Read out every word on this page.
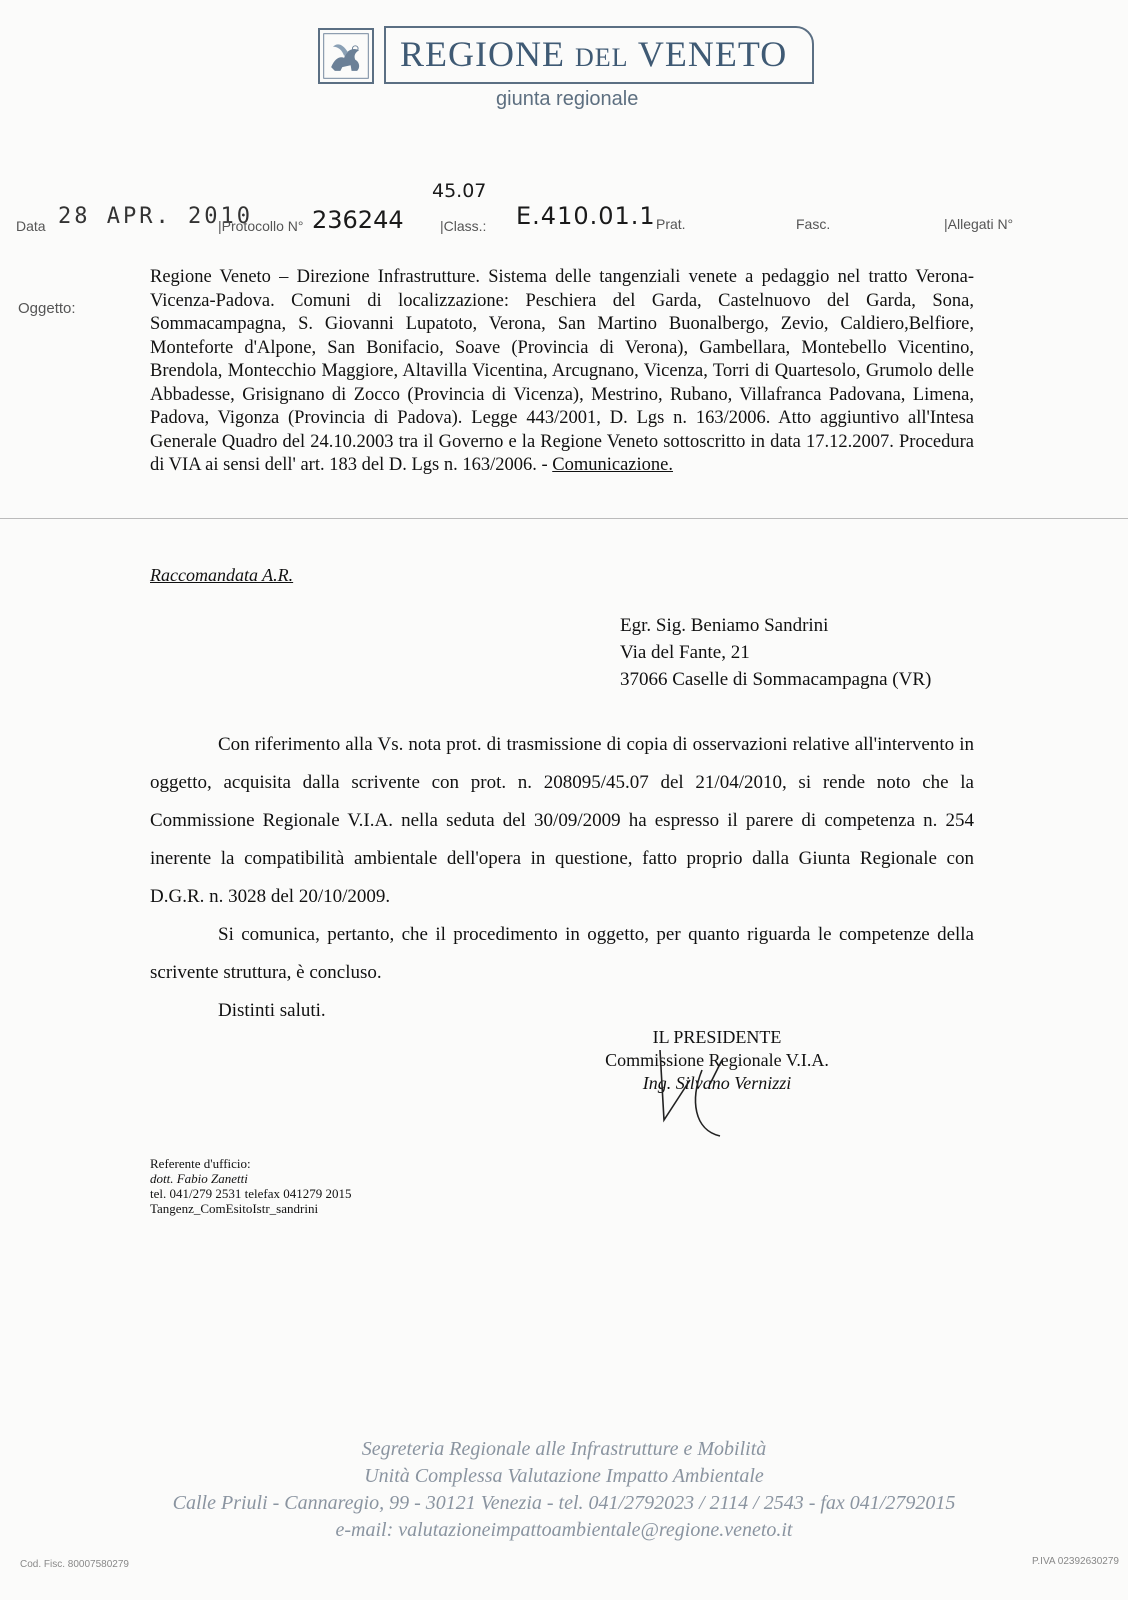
REGIONE DEL VENETO
giunta regionale
Data 28 APR. 2010
|Protocollo N° 236244
45.07
|Class.: E.410.01.1 Prat.	Fasc.	|Allegati N°
Oggetto:
Regione Veneto – Direzione Infrastrutture. Sistema delle tangenziali venete a pedaggio nel tratto Verona-Vicenza-Padova. Comuni di localizzazione: Peschiera del Garda, Castelnuovo del Garda, Sona, Sommacampagna, S. Giovanni Lupatoto, Verona, San Martino Buonalbergo, Zevio, Caldiero,Belfiore, Monteforte d'Alpone, San Bonifacio, Soave (Provincia di Verona), Gambellara, Montebello Vicentino, Brendola, Montecchio Maggiore, Altavilla Vicentina, Arcugnano, Vicenza, Torri di Quartesolo, Grumolo delle Abbadesse, Grisignano di Zocco (Provincia di Vicenza), Mestrino, Rubano, Villafranca Padovana, Limena, Padova, Vigonza (Provincia di Padova). Legge 443/2001, D. Lgs n. 163/2006. Atto aggiuntivo all'Intesa Generale Quadro del 24.10.2003 tra il Governo e la Regione Veneto sottoscritto in data 17.12.2007. Procedura di VIA ai sensi dell' art. 183 del D. Lgs n. 163/2006. - Comunicazione.
Raccomandata A.R.
Egr. Sig. Beniamo Sandrini
Via del Fante, 21
37066 Caselle di Sommacampagna (VR)

Con riferimento alla Vs. nota prot. di trasmissione di copia di osservazioni relative all'intervento in oggetto, acquisita dalla scrivente con prot. n. 208095/45.07 del 21/04/2010, si rende noto che la Commissione Regionale V.I.A. nella seduta del 30/09/2009 ha espresso il parere di competenza n. 254 inerente la compatibilità ambientale dell'opera in questione, fatto proprio dalla Giunta Regionale con D.G.R. n. 3028 del 20/10/2009.

Si comunica, pertanto, che il procedimento in oggetto, per quanto riguarda le competenze della scrivente struttura, è concluso.

Distinti saluti.

IL PRESIDENTE
Commissione Regionale V.I.A.
Ing. Silvano Vernizzi
Referente d'ufficio:
dott. Fabio Zanetti
tel. 041/279 2531 telefax 041279 2015
Tangenz_ComEsitoIstr_sandrini
Segreteria Regionale alle Infrastrutture e Mobilità
Unità Complessa Valutazione Impatto Ambientale
Calle Priuli - Cannaregio, 99 - 30121 Venezia - tel. 041/2792023 / 2114 / 2543 - fax 041/2792015
e-mail: valutazioneimpattoambientale@regione.veneto.it
Cod. Fisc. 80007580279	P.IVA 02392630279
